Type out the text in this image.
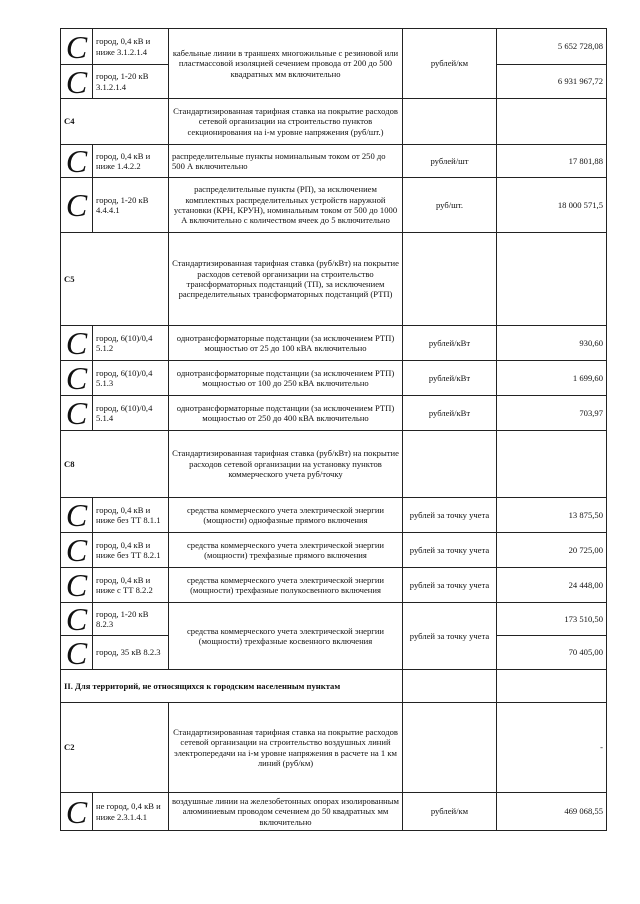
С	город, 0,4 кВ и ниже 3.1.2.1.4	кабельные линии в траншеях многожильные с резиновой или пластмассовой изоляцией сечением провода от 200 до 500 квадратных мм включительно	рублей/км	5 652 728,08

С	город, 1-20 кВ 3.1.2.1.4			6 931 967,72
С4		Стандартизированная тарифная ставка на покрытие расходов сетевой организации на строительство пунктов секционирования на i-м уровне напряжения (руб/шт.)		

С	город, 0,4 кВ и ниже 1.4.2.2	распределительные пункты номинальным током от 250 до 500 А включительно	рублей/шт	17 801,88

С	город, 1-20 кВ 4.4.4.1	распределительные пункты (РП), за исключением комплектных распределительных устройств наружной установки (КРН, КРУН), номинальным током от 500 до 1000 А включительно с количеством ячеек до 5 включительно	руб/шт.	18 000 571,5
С5		Стандартизированная тарифная ставка (руб/кВт) на покрытие расходов сетевой организации на строительство трансформаторных подстанций (ТП), за исключением распределительных трансформаторных подстанций (РТП)		

С	город, 6(10)/0,4 5.1.2	однотрансформаторные подстанции (за исключением РТП) мощностью от 25 до 100 кВА включительно	рублей/кВт	930,60

С	город, 6(10)/0,4 5.1.3	однотрансформаторные подстанции (за исключением РТП) мощностью от 100 до 250 кВА включительно	рублей/кВт	1 699,60

С	город, 6(10)/0,4 5.1.4	однотрансформаторные подстанции (за исключением РТП) мощностью от 250 до 400 кВА включительно	рублей/кВт	703,97
С8		Стандартизированная тарифная ставка (руб/кВт) на покрытие расходов сетевой организации на установку пунктов коммерческого учета руб/точку		

С	город, 0,4 кВ и ниже без ТТ 8.1.1	средства коммерческого учета электрической энергии (мощности) однофазные прямого включения	рублей за точку учета	13 875,50

С	город, 0,4 кВ и ниже без ТТ 8.2.1	средства коммерческого учета электрической энергии (мощности) трехфазные прямого включения	рублей за точку учета	20 725,00

С	город, 0,4 кВ и ниже с ТТ 8.2.2	средства коммерческого учета электрической энергии (мощности) трехфазные полукосвенного включения	рублей за точку учета	24 448,00

С	город, 1-20 кВ 8.2.3	средства коммерческого учета электрической энергии (мощности) трехфазные косвенного включения	рублей за точку учета	173 510,50

С	город, 35 кВ 8.2.3			70 405,00
II. Для территорий, не относящихся к городским населенным пунктам				
С2		Стандартизированная тарифная ставка на покрытие расходов сетевой организации на строительство воздушных линий электропередачи на i-м уровне напряжения в расчете на 1 км линий (руб/км)		-

С	не город, 0,4 кВ и ниже 2.3.1.4.1	воздушные линии на железобетонных опорах изолированным алюминиевым проводом сечением до 50 квадратных мм включительно	рублей/км	469 068,55
